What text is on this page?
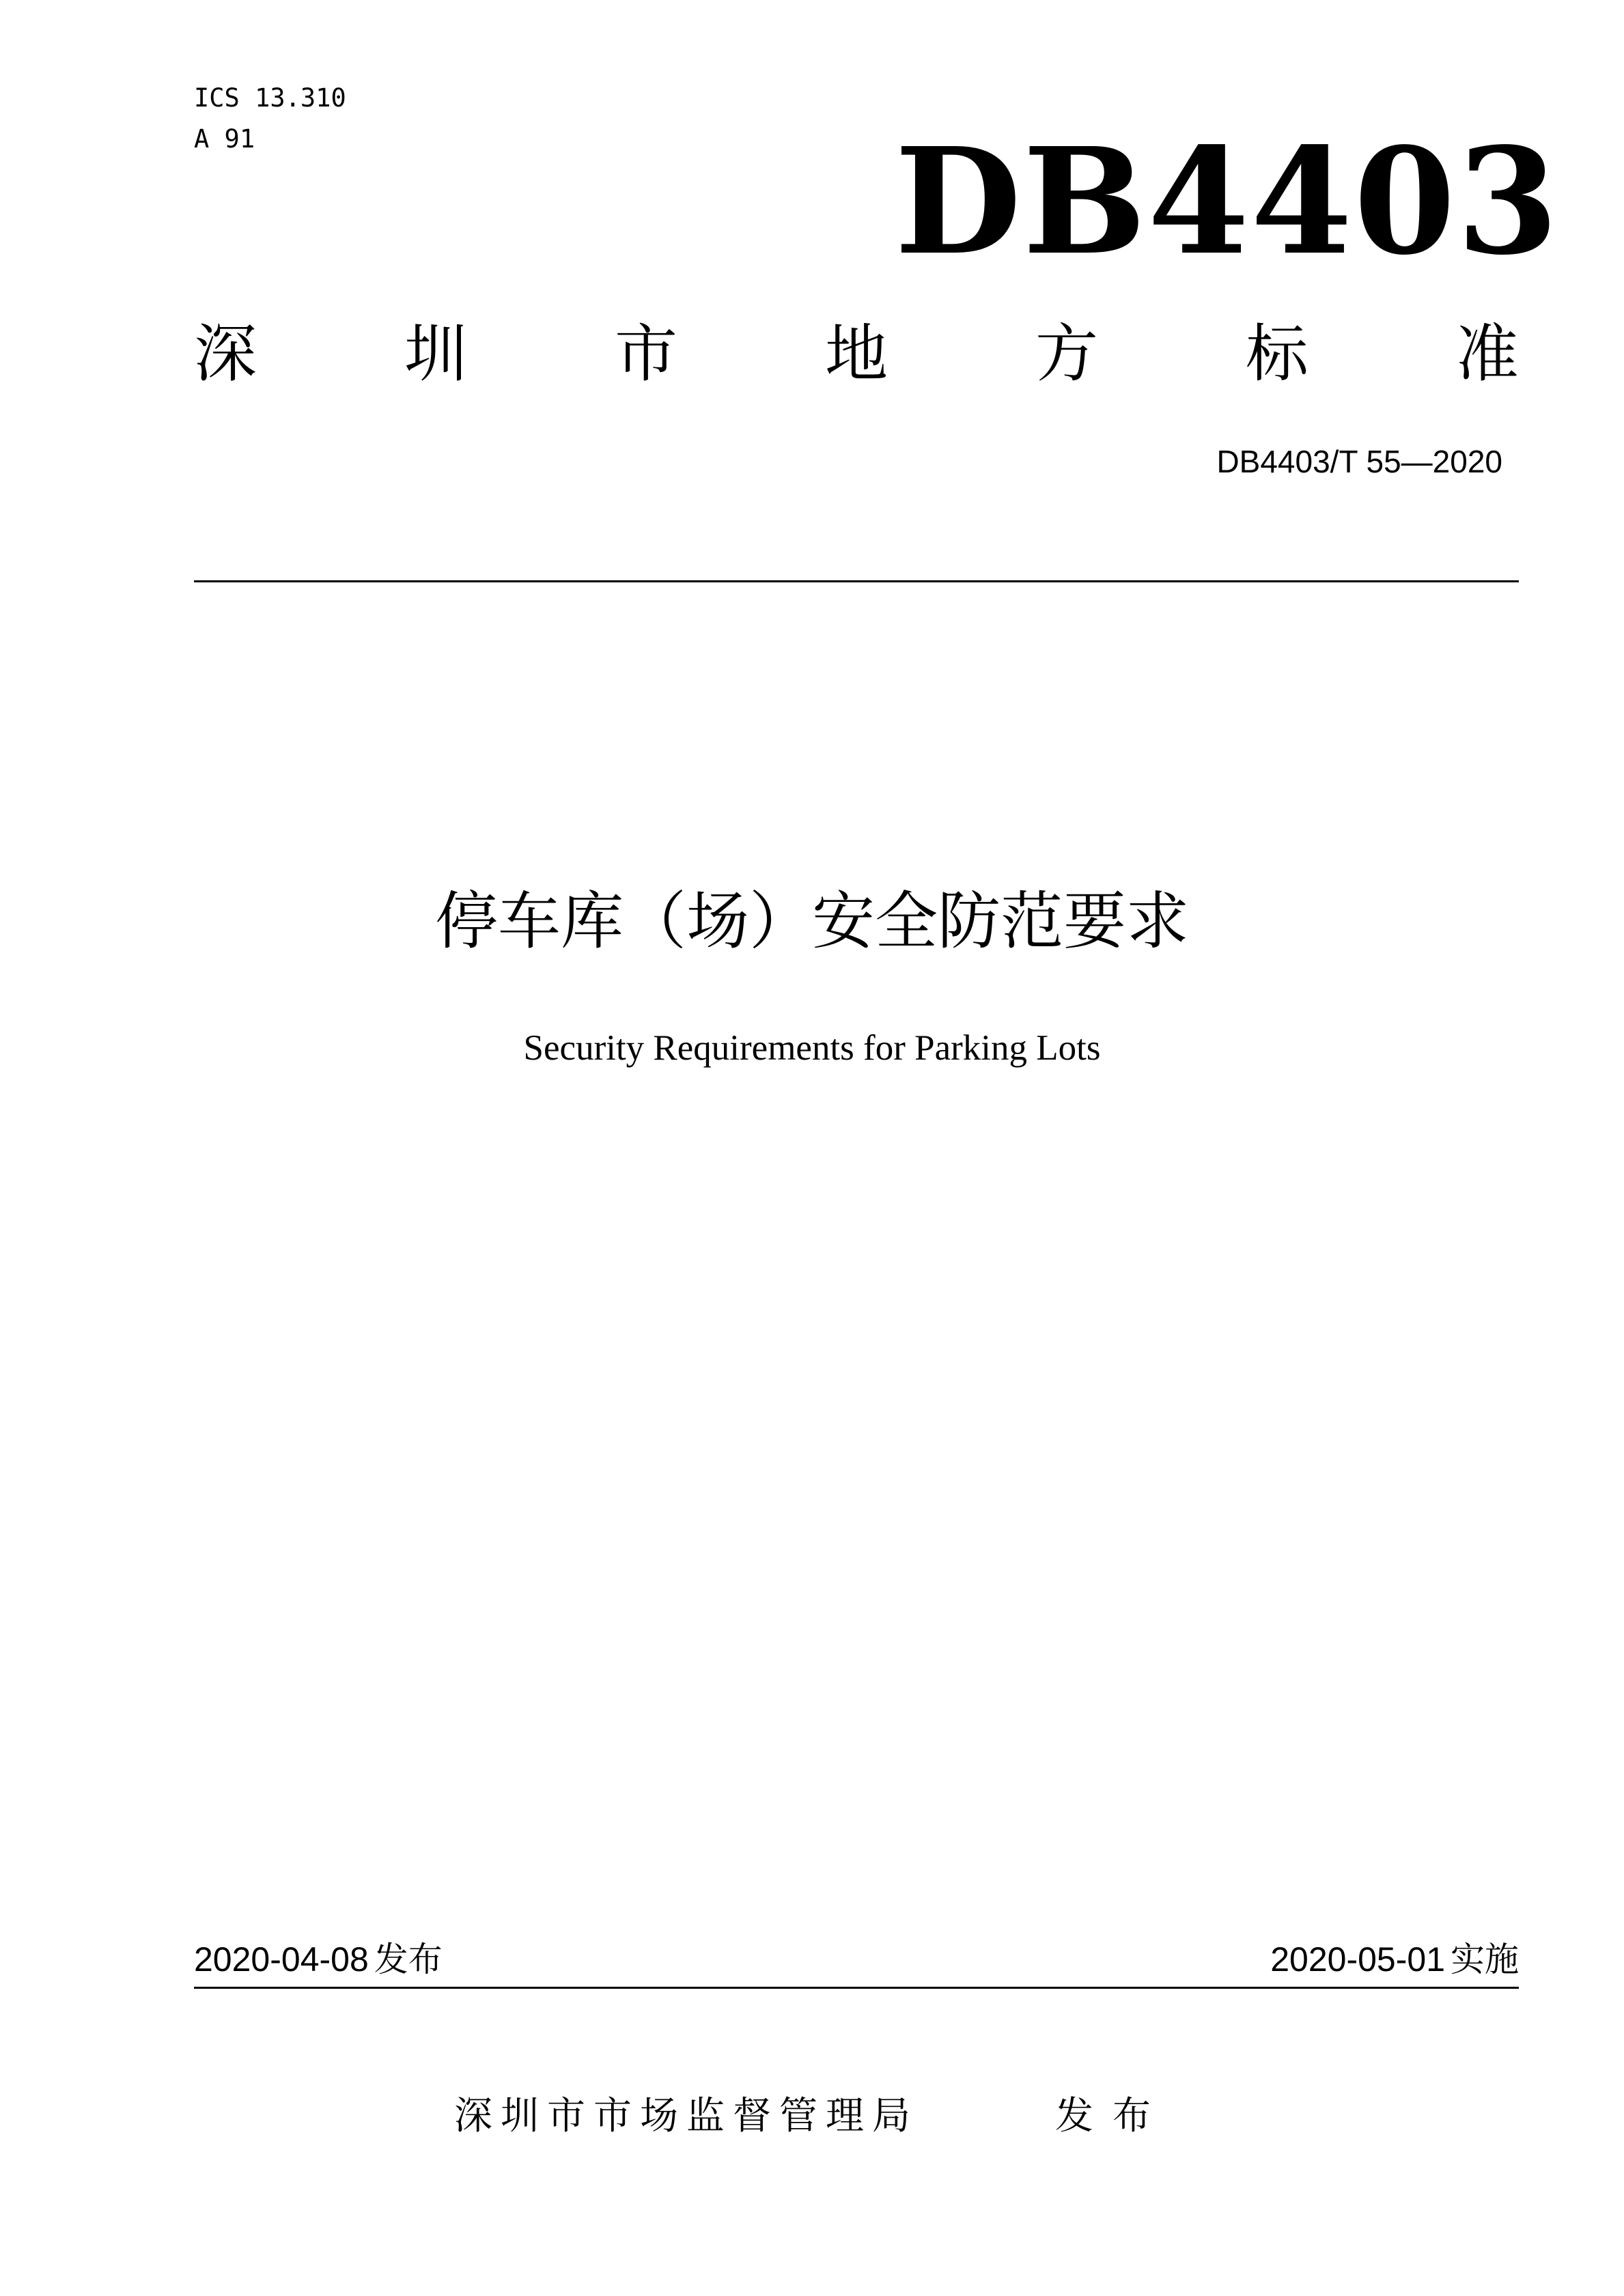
ICS 13.310
A 91	DB4403
深 圳 市 地 方 标 准
DB4403/T 55—2020
停车库（场）安全防范要求
Security Requirements for Parking Lots
2020-04-08 发布	2020-05-01 实施
深圳市市场监督管理局	发布
